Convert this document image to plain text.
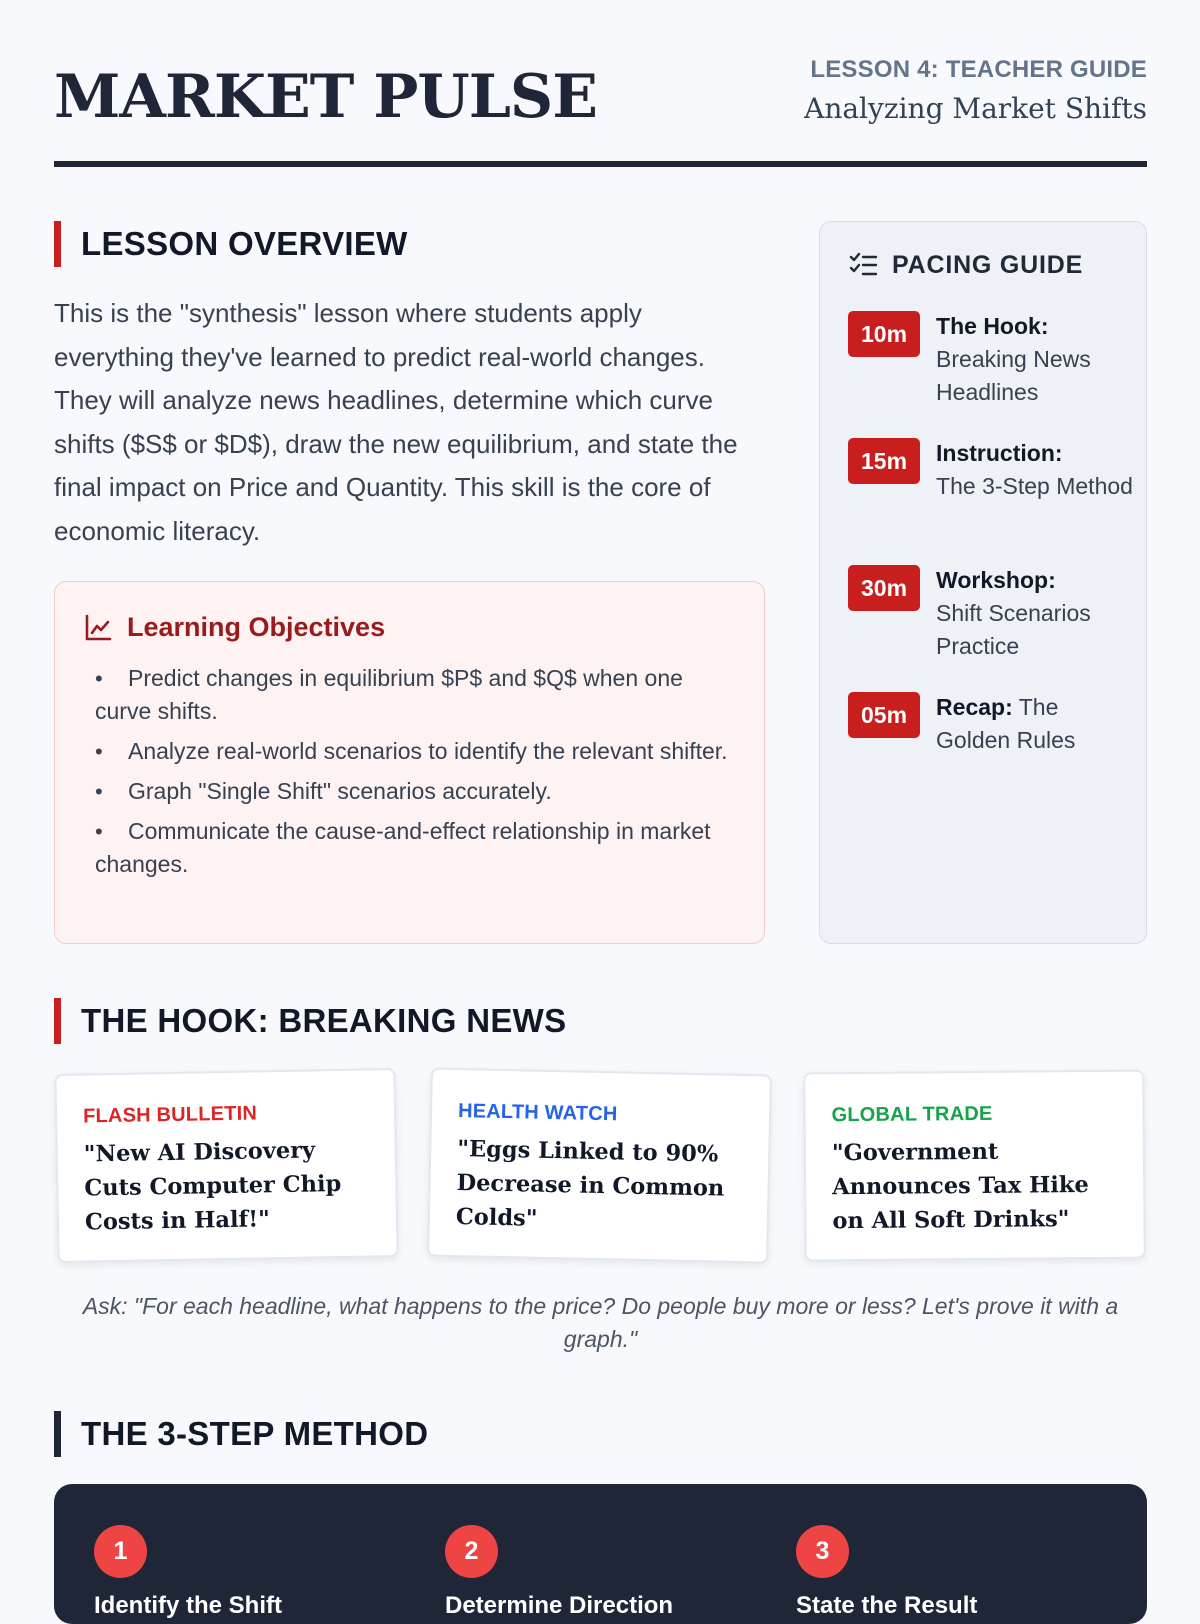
MARKET PULSE	LESSON 4: TEACHER GUIDE
Analyzing Market Shifts
LESSON OVERVIEW

This is the "synthesis" lesson where students apply everything they've learned to predict real-world changes. They will analyze news headlines, determine which curve shifts ($S$ or $D$), draw the new equilibrium, and state the final impact on Price and Quantity. This skill is the core of economic literacy.

Learning Objectives
• Predict changes in equilibrium $P$ and $Q$ when one curve shifts.
• Analyze real-world scenarios to identify the relevant shifter.
• Graph "Single Shift" scenarios accurately.
• Communicate the cause-and-effect relationship in market changes.
PACING GUIDE
10m	The Hook:
Breaking News Headlines
15m	Instruction:
The 3-Step Method
30m	Workshop:
Shift Scenarios Practice
05m	Recap: The Golden Rules
THE HOOK: BREAKING NEWS
FLASH BULLETIN
"New AI Discovery Cuts Computer Chip Costs in Half!"
HEALTH WATCH
"Eggs Linked to 90% Decrease in Common Colds"
GLOBAL TRADE
"Government Announces Tax Hike on All Soft Drinks"

Ask: "For each headline, what happens to the price? Do people buy more or less? Let's prove it with a graph."

THE 3-STEP METHOD
1
Identify the Shift
2
Determine Direction
3
State the Result
